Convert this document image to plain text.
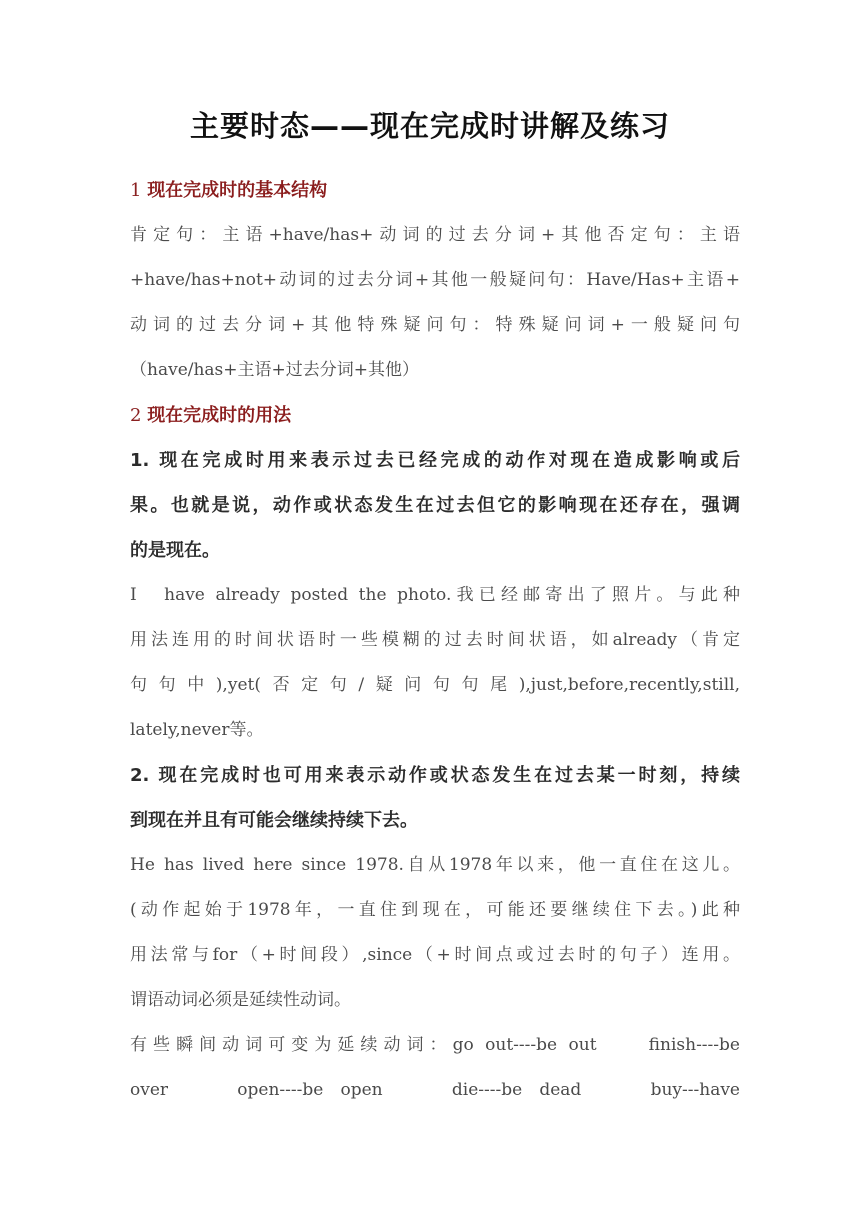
主要时态——现在完成时讲解及练习

1 现在完成时的基本结构

肯定句：主语+have/has+动词的过去分词+其他否定句：主语

+have/has+not+动词的过去分词+其他一般疑问句：Have/Has+主语+

动词的过去分词+其他特殊疑问句：特殊疑问词+一般疑问句

（have/has+主语+过去分词+其他）

2 现在完成时的用法

1. 现在完成时用来表示过去已经完成的动作对现在造成影响或后

果。也就是说，动作或状态发生在过去但它的影响现在还存在，强调

的是现在。

I　have already posted the photo.我已经邮寄出了照片。与此种

用法连用的时间状语时一些模糊的过去时间状语，如already（肯定

句句中),yet(否定句/疑问句句尾),just,before,recently,still,

lately,never等。

2. 现在完成时也可用来表示动作或状态发生在过去某一时刻，持续

到现在并且有可能会继续持续下去。

He has lived here since 1978.自从1978年以来，他一直住在这儿。

(动作起始于1978年，一直住到现在，可能还要继续住下去。)此种

用法常与for（+时间段）,since（+时间点或过去时的句子）连用。

谓语动词必须是延续性动词。

有些瞬间动词可变为延续动词：go out----be out　　finish----be

over　　open----be open　　die----be dead　　buy---have
